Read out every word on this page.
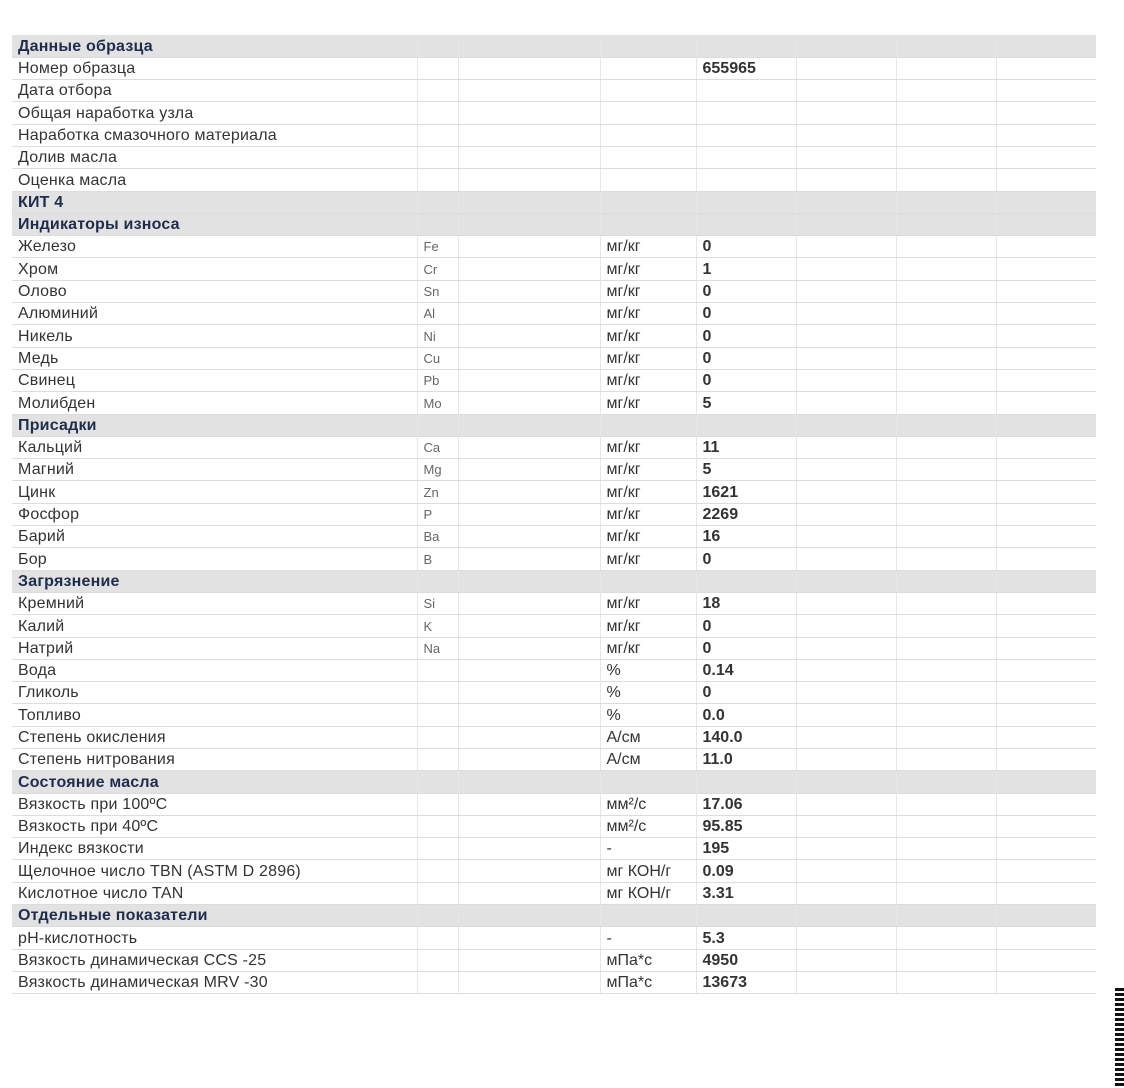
Данные образца							
Номер образца				655965			
Дата отбора							
Общая наработка узла							
Наработка смазочного материала							
Долив масла							
Оценка масла							
КИТ 4							
Индикаторы износа							
Железо	Fe		мг/кг	0			
Хром	Cr		мг/кг	1			
Олово	Sn		мг/кг	0			
Алюминий	Al		мг/кг	0			
Никель	Ni		мг/кг	0			
Медь	Cu		мг/кг	0			
Свинец	Pb		мг/кг	0			
Молибден	Mo		мг/кг	5			
Присадки							
Кальций	Ca		мг/кг	11			
Магний	Mg		мг/кг	5			
Цинк	Zn		мг/кг	1621			
Фосфор	P		мг/кг	2269			
Барий	Ba		мг/кг	16			
Бор	B		мг/кг	0			
Загрязнение							
Кремний	Si		мг/кг	18			
Калий	K		мг/кг	0			
Натрий	Na		мг/кг	0			
Вода			%	0.14			
Гликоль			%	0			
Топливо			%	0.0			
Степень окисления			А/см	140.0			
Степень нитрования			А/см	11.0			
Состояние масла							
Вязкость при 100ºC			мм²/с	17.06			
Вязкость при 40ºC			мм²/с	95.85			
Индекс вязкости			-	195			
Щелочное число TBN (ASTM D 2896)			мг КОН/г	0.09			
Кислотное число TAN			мг КОН/г	3.31			
Отдельные показатели							
pH-кислотность			-	5.3			
Вязкость динамическая CCS -25			мПа*с	4950			
Вязкость динамическая MRV -30			мПа*с	13673			
